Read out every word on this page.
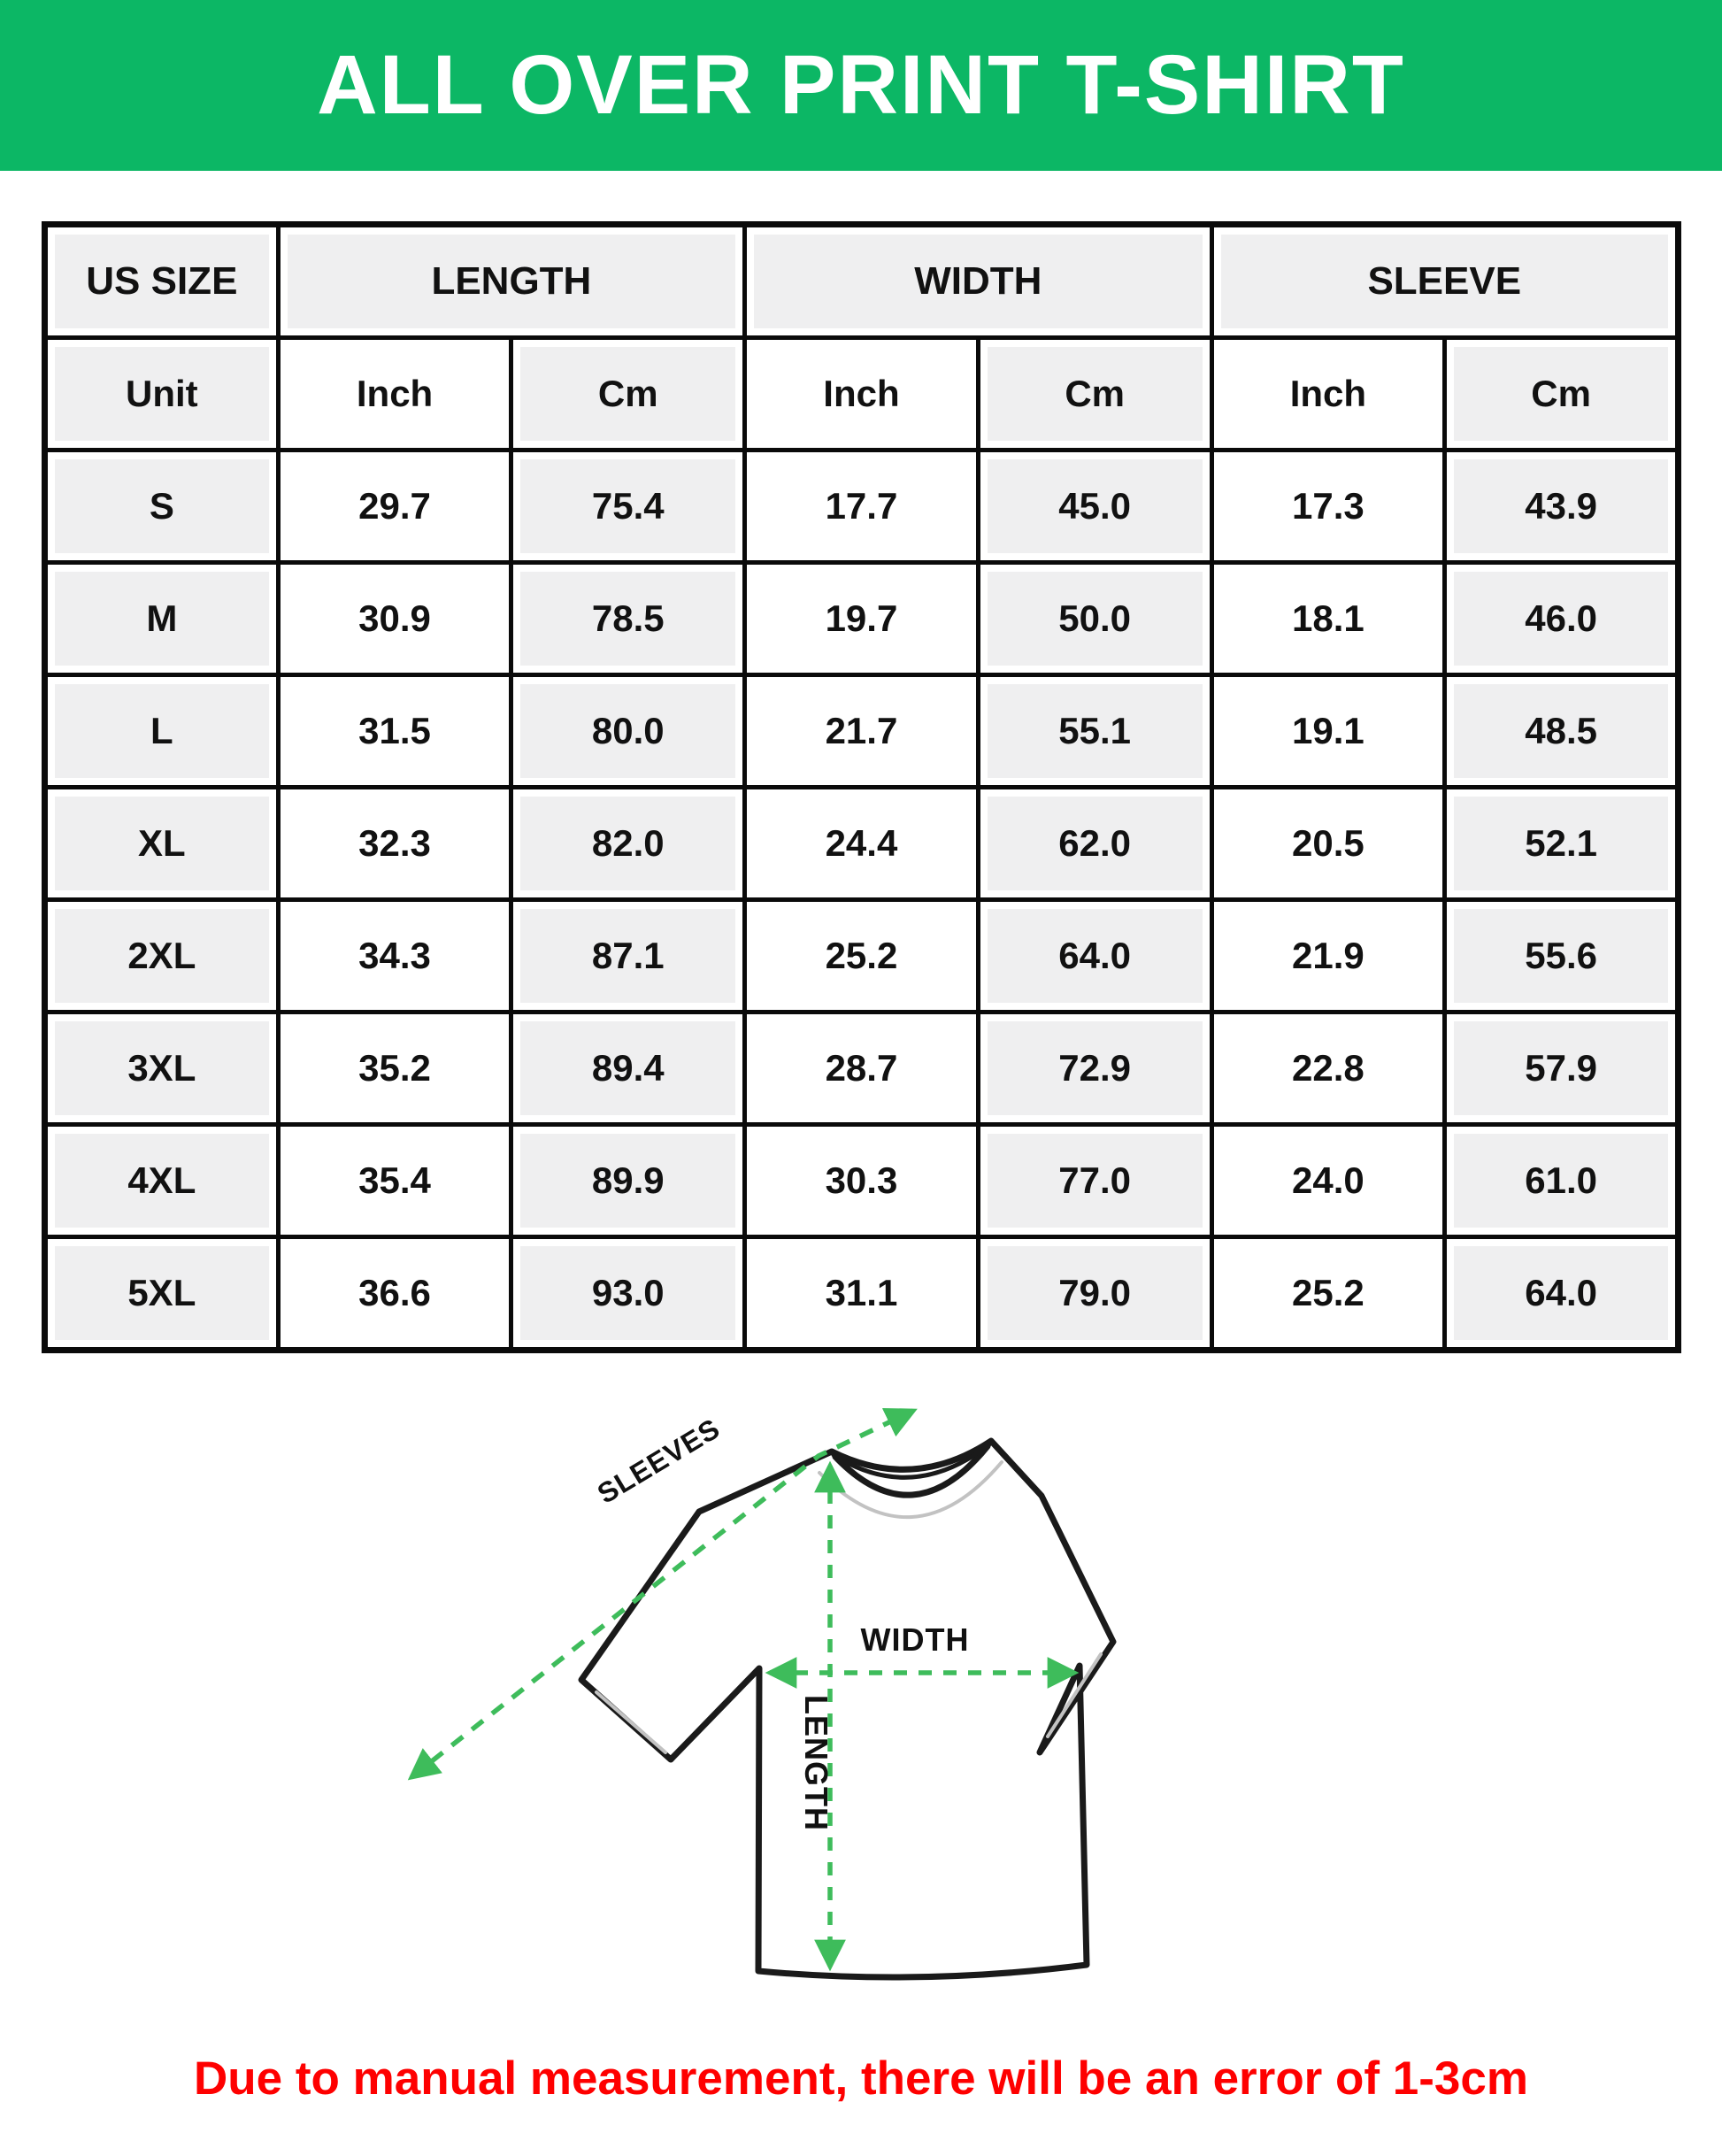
ALL OVER PRINT T-SHIRT
US SIZE	LENGTH		WIDTH		SLEEVE	
Unit	Inch	Cm	Inch	Cm	Inch	Cm
S	29.7	75.4	17.7	45.0	17.3	43.9
M	30.9	78.5	19.7	50.0	18.1	46.0
L	31.5	80.0	21.7	55.1	19.1	48.5
XL	32.3	82.0	24.4	62.0	20.5	52.1
2XL	34.3	87.1	25.2	64.0	21.9	55.6
3XL	35.2	89.4	28.7	72.9	22.8	57.9
4XL	35.4	89.9	30.3	77.0	24.0	61.0
5XL	36.6	93.0	31.1	79.0	25.2	64.0
SLEEVES
WIDTH
LENGTH
Due to manual measurement, there will be an error of 1-3cm
